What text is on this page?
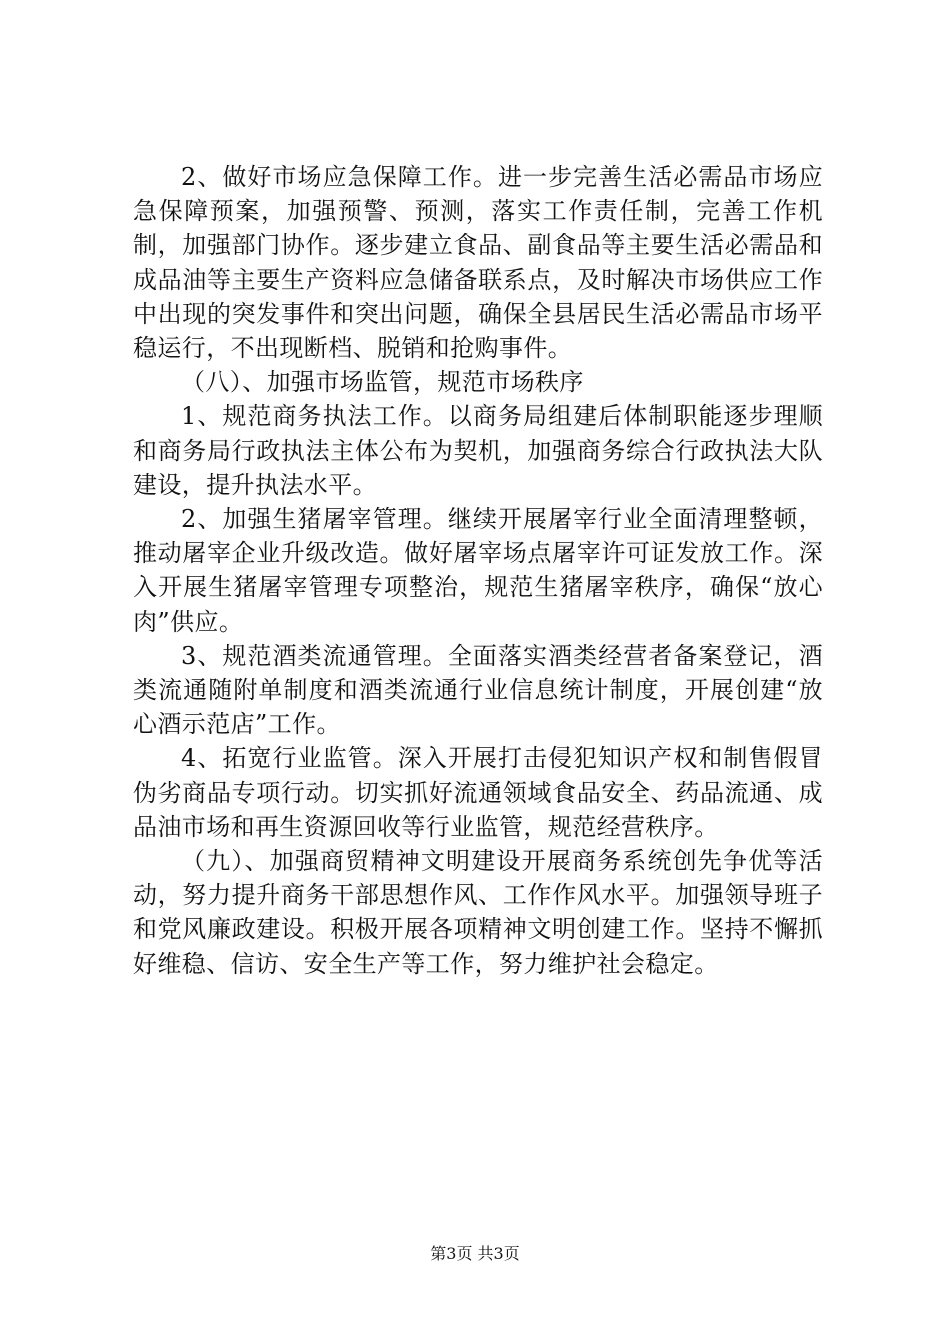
2、做好市场应急保障工作。进一步完善生活必需品市场应急保障预案，加强预警、预测，落实工作责任制，完善工作机制，加强部门协作。逐步建立食品、副食品等主要生活必需品和成品油等主要生产资料应急储备联系点，及时解决市场供应工作中出现的突发事件和突出问题，确保全县居民生活必需品市场平稳运行，不出现断档、脱销和抢购事件。

（八）、加强市场监管，规范市场秩序

1、规范商务执法工作。以商务局组建后体制职能逐步理顺和商务局行政执法主体公布为契机，加强商务综合行政执法大队建设，提升执法水平。

2、加强生猪屠宰管理。继续开展屠宰行业全面清理整顿，推动屠宰企业升级改造。做好屠宰场点屠宰许可证发放工作。深入开展生猪屠宰管理专项整治，规范生猪屠宰秩序，确保“放心肉”供应。

3、规范酒类流通管理。全面落实酒类经营者备案登记，酒类流通随附单制度和酒类流通行业信息统计制度，开展创建“放心酒示范店”工作。

4、拓宽行业监管。深入开展打击侵犯知识产权和制售假冒伪劣商品专项行动。切实抓好流通领域食品安全、药品流通、成品油市场和再生资源回收等行业监管，规范经营秩序。

（九）、加强商贸精神文明建设开展商务系统创先争优等活动，努力提升商务干部思想作风、工作作风水平。加强领导班子和党风廉政建设。积极开展各项精神文明创建工作。坚持不懈抓好维稳、信访、安全生产等工作，努力维护社会稳定。

第3页 共3页
